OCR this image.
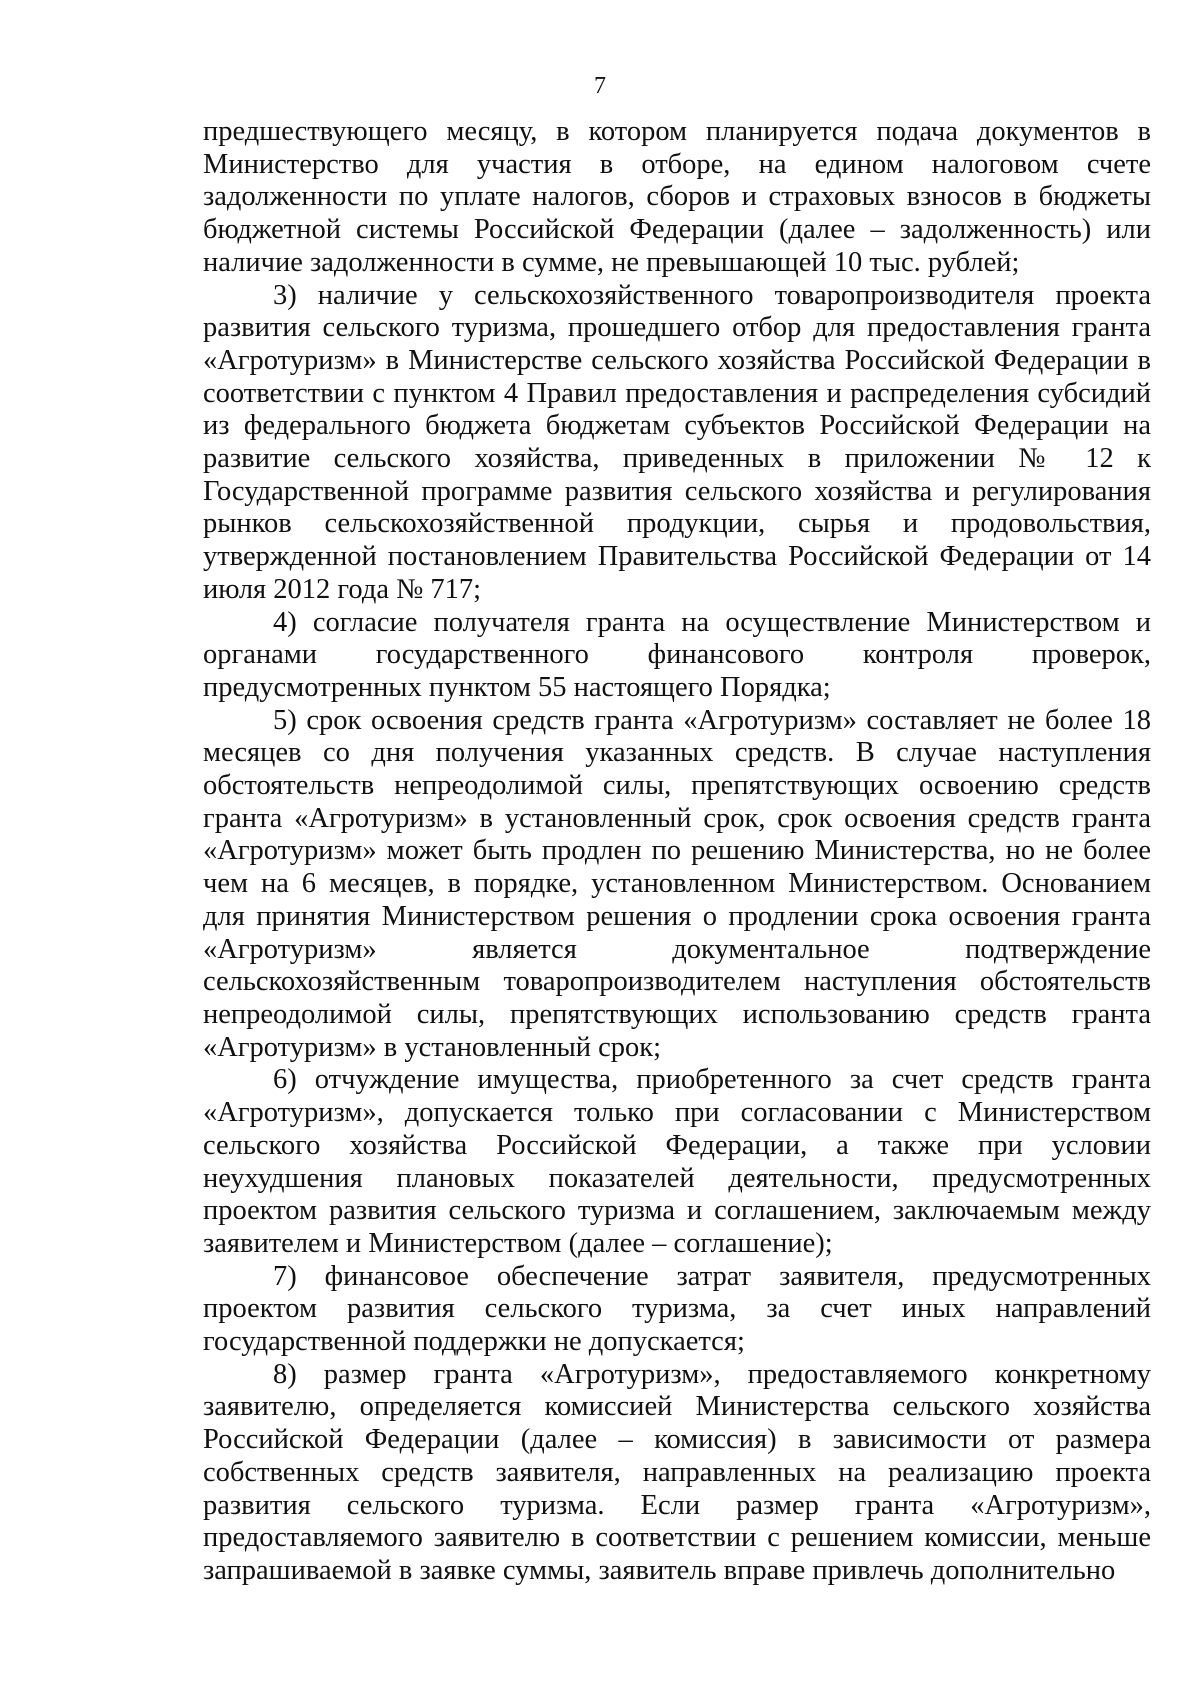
7

предшествующего месяцу, в котором планируется подача документов в Министерство для участия в отборе, на едином налоговом счете задолженности по уплате налогов, сборов и страховых взносов в бюджеты бюджетной системы Российской Федерации (далее – задолженность) или наличие задолженности в сумме, не превышающей 10 тыс. рублей;

3) наличие у сельскохозяйственного товаропроизводителя проекта развития сельского туризма, прошедшего отбор для предоставления гранта «Агротуризм» в Министерстве сельского хозяйства Российской Федерации в соответствии с пунктом 4 Правил предоставления и распределения субсидий из федерального бюджета бюджетам субъектов Российской Федерации на развитие сельского хозяйства, приведенных в приложении № 12 к Государственной программе развития сельского хозяйства и регулирования рынков сельскохозяйственной продукции, сырья и продовольствия, утвержденной постановлением Правительства Российской Федерации от 14 июля 2012 года № 717;

4) согласие получателя гранта на осуществление Министерством и органами государственного финансового контроля проверок, предусмотренных пунктом 55 настоящего Порядка;

5) срок освоения средств гранта «Агротуризм» составляет не более 18 месяцев со дня получения указанных средств. В случае наступления обстоятельств непреодолимой силы, препятствующих освоению средств гранта «Агротуризм» в установленный срок, срок освоения средств гранта «Агротуризм» может быть продлен по решению Министерства, но не более чем на 6 месяцев, в порядке, установленном Министерством. Основанием для принятия Министерством решения о продлении срока освоения гранта «Агротуризм» является документальное подтверждение сельскохозяйственным товаропроизводителем наступления обстоятельств непреодолимой силы, препятствующих использованию средств гранта «Агротуризм» в установленный срок;

6) отчуждение имущества, приобретенного за счет средств гранта «Агротуризм», допускается только при согласовании с Министерством сельского хозяйства Российской Федерации, а также при условии неухудшения плановых показателей деятельности, предусмотренных проектом развития сельского туризма и соглашением, заключаемым между заявителем и Министерством (далее – соглашение);

7) финансовое обеспечение затрат заявителя, предусмотренных проектом развития сельского туризма, за счет иных направлений государственной поддержки не допускается;

8) размер гранта «Агротуризм», предоставляемого конкретному заявителю, определяется комиссией Министерства сельского хозяйства Российской Федерации (далее – комиссия) в зависимости от размера собственных средств заявителя, направленных на реализацию проекта развития сельского туризма. Если размер гранта «Агротуризм», предоставляемого заявителю в соответствии с решением комиссии, меньше запрашиваемой в заявке суммы, заявитель вправе привлечь дополнительно
